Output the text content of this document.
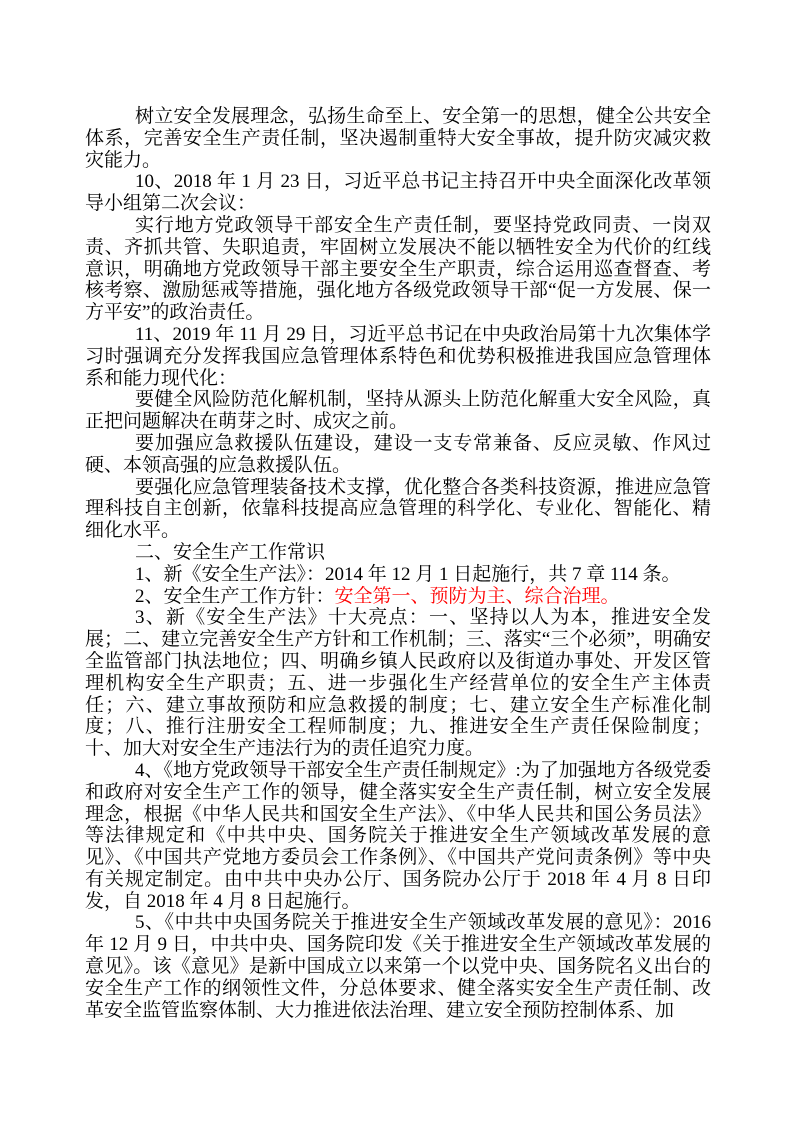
树立安全发展理念，弘扬生命至上、安全第一的思想，健全公共安全体系，完善安全生产责任制，坚决遏制重特大安全事故，提升防灾减灾救灾能力。

10、2018 年 1 月 23 日，习近平总书记主持召开中央全面深化改革领导小组第二次会议：

实行地方党政领导干部安全生产责任制，要坚持党政同责、一岗双责、齐抓共管、失职追责，牢固树立发展决不能以牺牲安全为代价的红线意识，明确地方党政领导干部主要安全生产职责，综合运用巡查督查、考核考察、激励惩戒等措施，强化地方各级党政领导干部“促一方发展、保一方平安”的政治责任。

11、2019 年 11 月 29 日，习近平总书记在中央政治局第十九次集体学习时强调充分发挥我国应急管理体系特色和优势积极推进我国应急管理体系和能力现代化：

要健全风险防范化解机制，坚持从源头上防范化解重大安全风险，真正把问题解决在萌芽之时、成灾之前。

要加强应急救援队伍建设，建设一支专常兼备、反应灵敏、作风过硬、本领高强的应急救援队伍。

要强化应急管理装备技术支撑，优化整合各类科技资源，推进应急管理科技自主创新，依靠科技提高应急管理的科学化、专业化、智能化、精细化水平。

二、安全生产工作常识

1、新《安全生产法》：2014 年 12 月 1 日起施行，共 7 章 114 条。

2、安全生产工作方针：安全第一、预防为主、综合治理。

3、新《安全生产法》十大亮点：一、坚持以人为本，推进安全发展；二、建立完善安全生产方针和工作机制；三、落实“三个必须”，明确安全监管部门执法地位；四、明确乡镇人民政府以及街道办事处、开发区管理机构安全生产职责；五、进一步强化生产经营单位的安全生产主体责任；六、建立事故预防和应急救援的制度；七、建立安全生产标准化制度；八、推行注册安全工程师制度；九、推进安全生产责任保险制度；十、加大对安全生产违法行为的责任追究力度。

4、《地方党政领导干部安全生产责任制规定》:为了加强地方各级党委和政府对安全生产工作的领导，健全落实安全生产责任制，树立安全发展理念，根据《中华人民共和国安全生产法》、《中华人民共和国公务员法》等法律规定和《中共中央、国务院关于推进安全生产领域改革发展的意见》、《中国共产党地方委员会工作条例》、《中国共产党问责条例》等中央有关规定制定。由中共中央办公厅、国务院办公厅于 2018 年 4 月 8 日印发，自 2018 年 4 月 8 日起施行。

5、《中共中央国务院关于推进安全生产领域改革发展的意见》：2016 年 12 月 9 日，中共中央、国务院印发《关于推进安全生产领域改革发展的意见》。该《意见》是新中国成立以来第一个以党中央、国务院名义出台的安全生产工作的纲领性文件，分总体要求、健全落实安全生产责任制、改革安全监管监察体制、大力推进依法治理、建立安全预防控制体系、加
